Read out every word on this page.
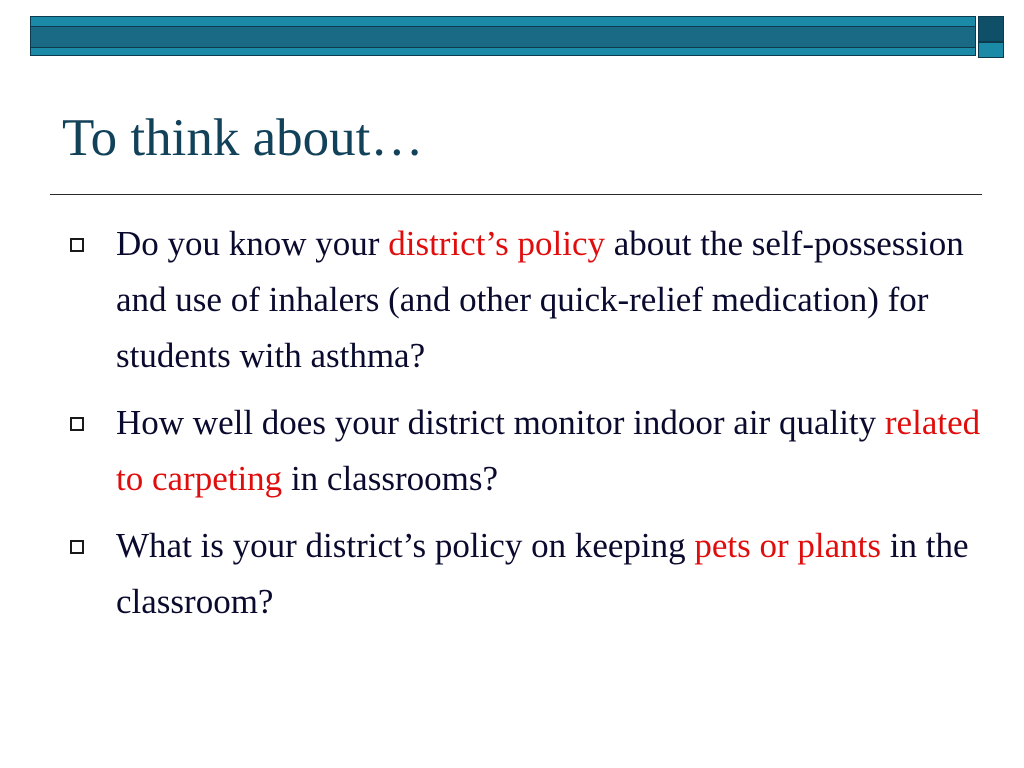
To think about…
Do you know your district’s policy about the self-possession and use of inhalers (and other quick-relief medication) for students with asthma?
How well does your district monitor indoor air quality related to carpeting in classrooms?
What is your district’s policy on keeping pets or plants in the classroom?
